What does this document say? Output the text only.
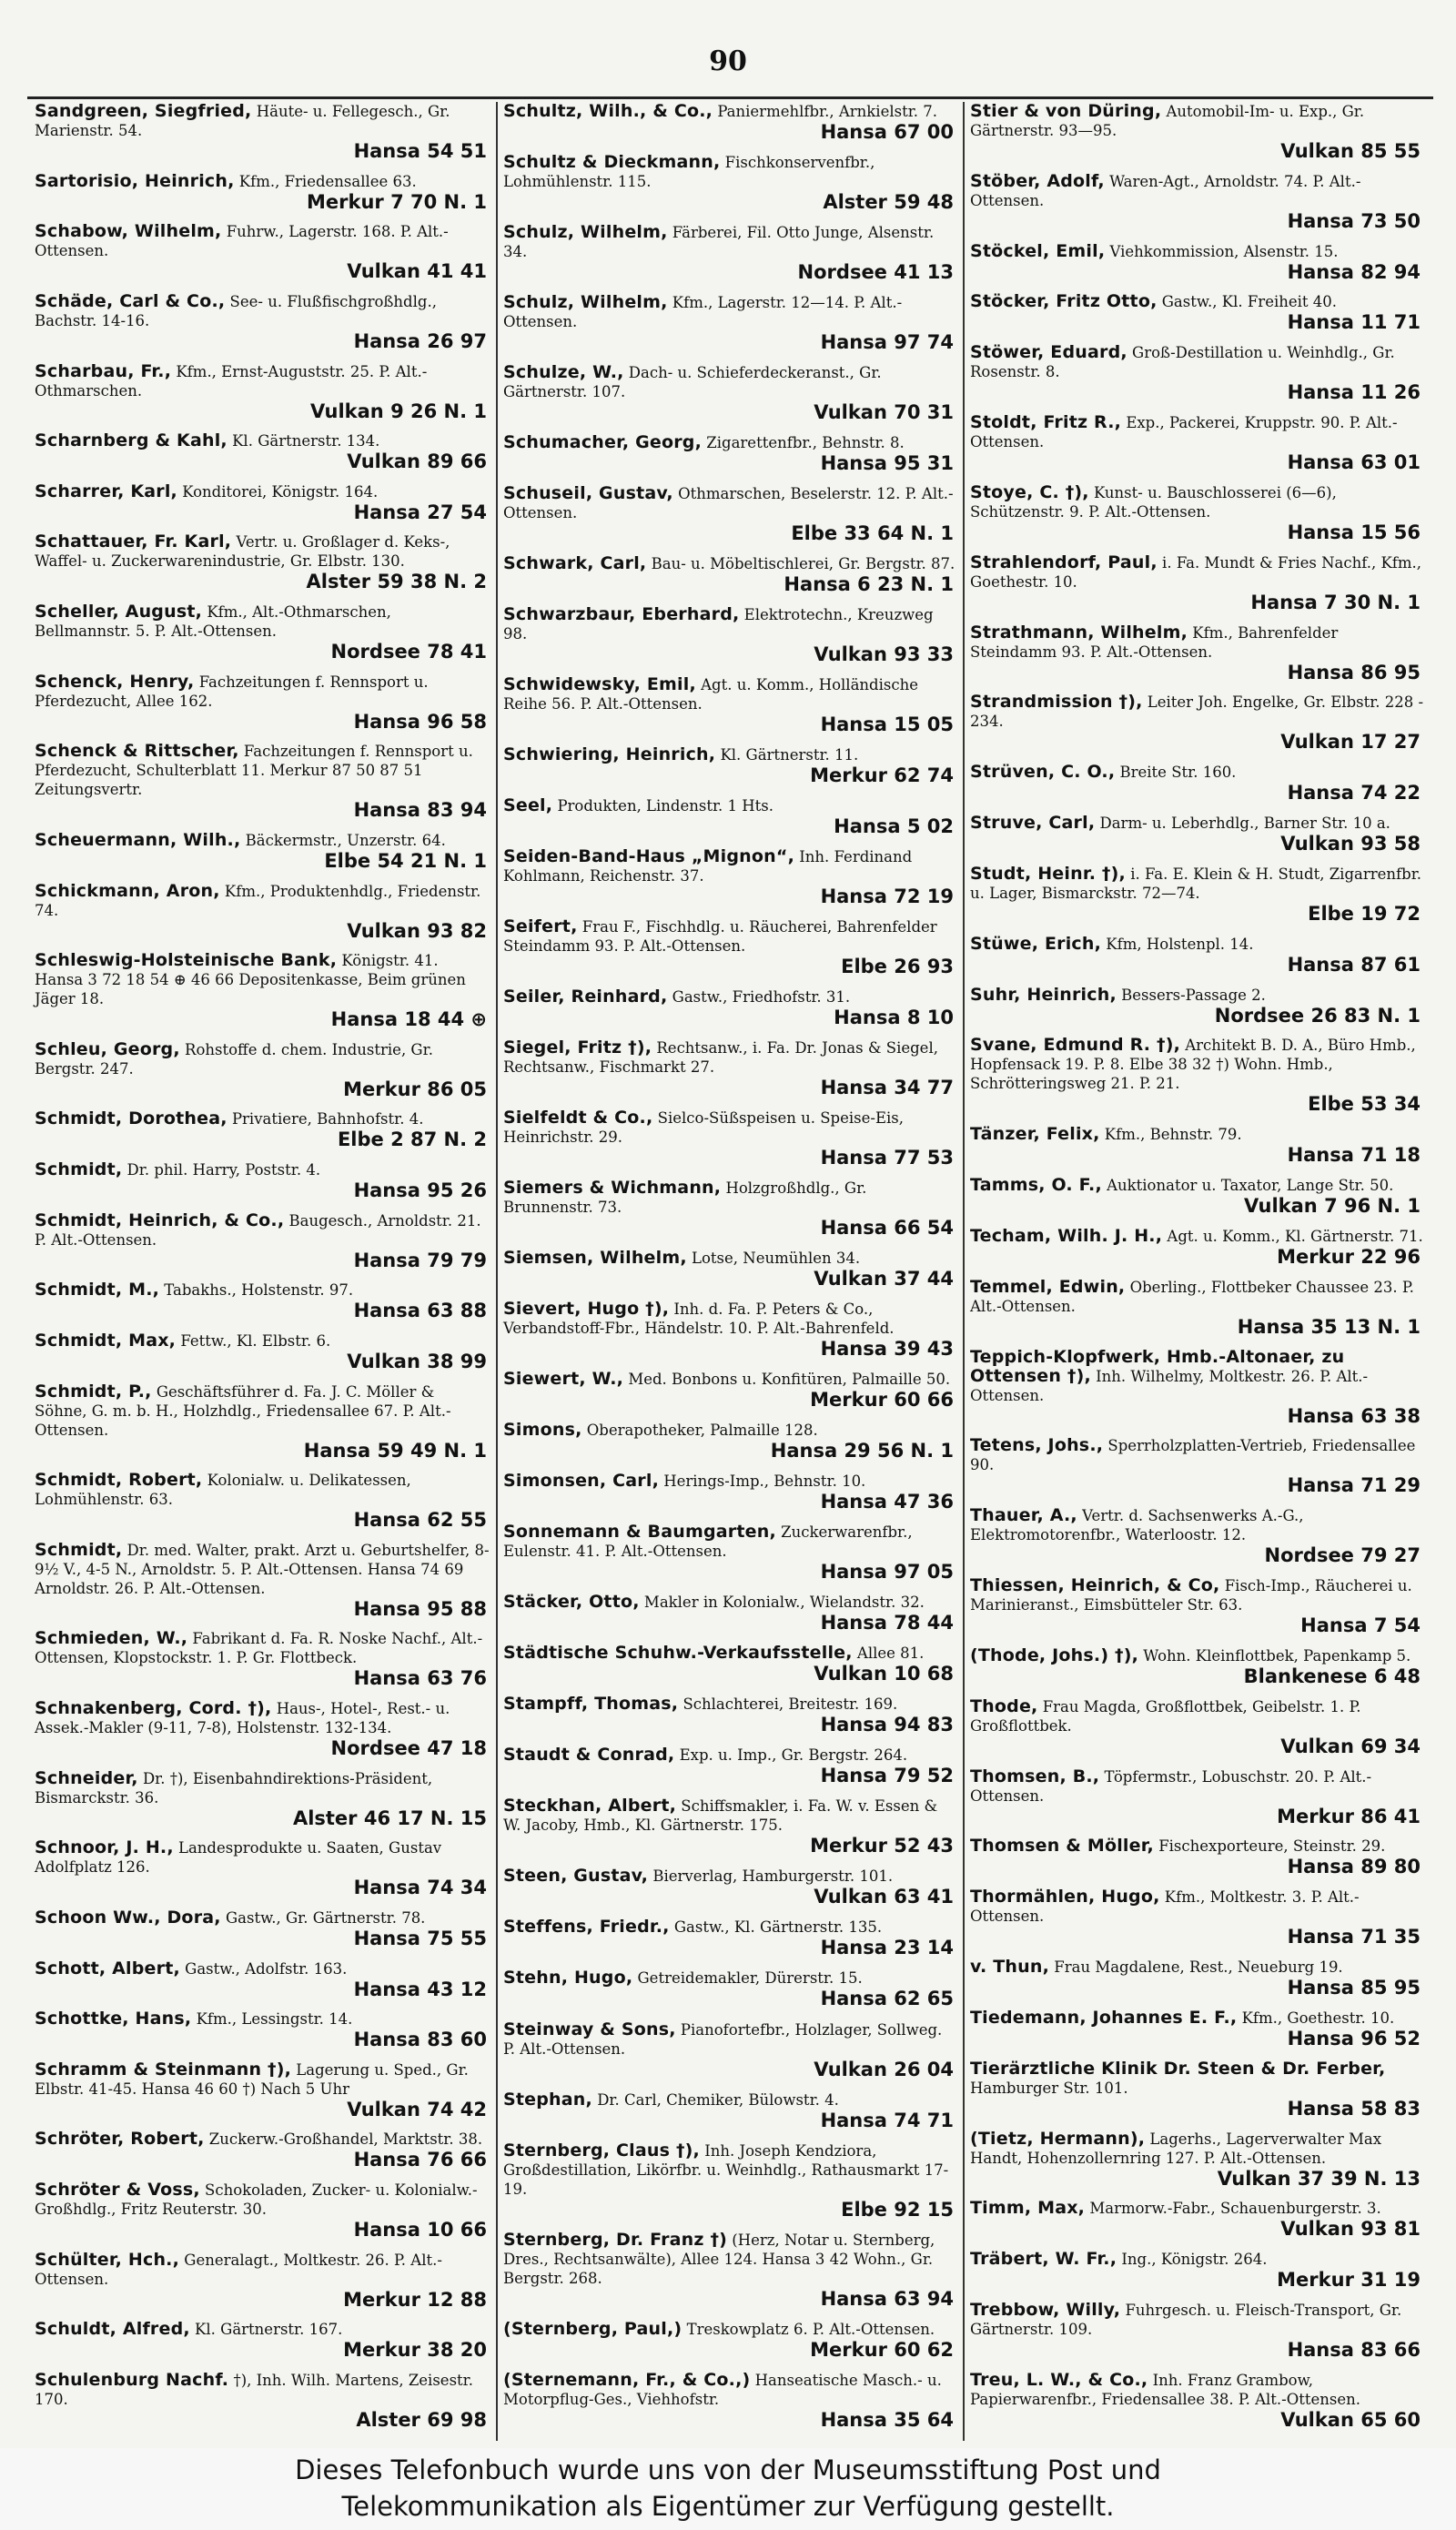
90
Sandgreen, Siegfried, Häute- u. Fellegesch., Gr. Marienstr. 54.
Hansa 54 51
Sartorisio, Heinrich, Kfm., Friedensallee 63.
Merkur 7 70 N. 1
Schabow, Wilhelm, Fuhrw., Lagerstr. 168. P. Alt.-Ottensen.
Vulkan 41 41
Schäde, Carl & Co., See- u. Flußfischgroßhdlg., Bachstr. 14-16.
Hansa 26 97
Scharbau, Fr., Kfm., Ernst-Auguststr. 25. P. Alt.-Othmarschen.
Vulkan 9 26 N. 1
Scharnberg & Kahl, Kl. Gärtnerstr. 134.
Vulkan 89 66
Scharrer, Karl, Konditorei, Königstr. 164.
Hansa 27 54
Schattauer, Fr. Karl, Vertr. u. Großlager d. Keks-, Waffel- u. Zuckerwarenindustrie, Gr. Elbstr. 130.
Alster 59 38 N. 2
Scheller, August, Kfm., Alt.-Othmarschen, Bellmannstr. 5. P. Alt.-Ottensen.
Nordsee 78 41
Schenck, Henry, Fachzeitungen f. Rennsport u. Pferdezucht, Allee 162.
Hansa 96 58
Schenck & Rittscher, Fachzeitungen f. Rennsport u. Pferdezucht, Schulterblatt 11. Merkur 87 50 87 51 Zeitungsvertr.
Hansa 83 94
Scheuermann, Wilh., Bäckermstr., Unzerstr. 64.
Elbe 54 21 N. 1
Schickmann, Aron, Kfm., Produktenhdlg., Friedenstr. 74.
Vulkan 93 82
Schleswig-Holsteinische Bank, Königstr. 41. Hansa 3 72 18 54 ⊕ 46 66 Depositenkasse, Beim grünen Jäger 18.
Hansa 18 44 ⊕
Schleu, Georg, Rohstoffe d. chem. Industrie, Gr. Bergstr. 247.
Merkur 86 05
Schmidt, Dorothea, Privatiere, Bahnhofstr. 4.
Elbe 2 87 N. 2
Schmidt, Dr. phil. Harry, Poststr. 4.
Hansa 95 26
Schmidt, Heinrich, & Co., Baugesch., Arnoldstr. 21. P. Alt.-Ottensen.
Hansa 79 79
Schmidt, M., Tabakhs., Holstenstr. 97.
Hansa 63 88
Schmidt, Max, Fettw., Kl. Elbstr. 6.
Vulkan 38 99
Schmidt, P., Geschäftsführer d. Fa. J. C. Möller & Söhne, G. m. b. H., Holzhdlg., Friedensallee 67. P. Alt.-Ottensen.
Hansa 59 49 N. 1
Schmidt, Robert, Kolonialw. u. Delikatessen, Lohmühlenstr. 63.
Hansa 62 55
Schmidt, Dr. med. Walter, prakt. Arzt u. Geburtshelfer, 8-9½ V., 4-5 N., Arnoldstr. 5. P. Alt.-Ottensen. Hansa 74 69 Arnoldstr. 26. P. Alt.-Ottensen.
Hansa 95 88
Schmieden, W., Fabrikant d. Fa. R. Noske Nachf., Alt.-Ottensen, Klopstockstr. 1. P. Gr. Flottbeck.
Hansa 63 76
Schnakenberg, Cord. †), Haus-, Hotel-, Rest.- u. Assek.-Makler (9-11, 7-8), Holstenstr. 132-134.
Nordsee 47 18
Schneider, Dr. †), Eisenbahndirektions-Präsident, Bismarckstr. 36.
Alster 46 17 N. 15
Schnoor, J. H., Landesprodukte u. Saaten, Gustav Adolfplatz 126.
Hansa 74 34
Schoon Ww., Dora, Gastw., Gr. Gärtnerstr. 78.
Hansa 75 55
Schott, Albert, Gastw., Adolfstr. 163.
Hansa 43 12
Schottke, Hans, Kfm., Lessingstr. 14.
Hansa 83 60
Schramm & Steinmann †), Lagerung u. Sped., Gr. Elbstr. 41-45. Hansa 46 60 †) Nach 5 Uhr
Vulkan 74 42
Schröter, Robert, Zuckerw.-Großhandel, Marktstr. 38.
Hansa 76 66
Schröter & Voss, Schokoladen, Zucker- u. Kolonialw.-Großhdlg., Fritz Reuterstr. 30.
Hansa 10 66
Schülter, Hch., Generalagt., Moltkestr. 26. P. Alt.-Ottensen.
Merkur 12 88
Schuldt, Alfred, Kl. Gärtnerstr. 167.
Merkur 38 20
Schulenburg Nachf. †), Inh. Wilh. Martens, Zeisestr. 170.
Alster 69 98
Schultz, Wilh., & Co., Paniermehlfbr., Arnkielstr. 7.
Hansa 67 00
Schultz & Dieckmann, Fischkonservenfbr., Lohmühlenstr. 115.
Alster 59 48
Schulz, Wilhelm, Färberei, Fil. Otto Junge, Alsenstr. 34.
Nordsee 41 13
Schulz, Wilhelm, Kfm., Lagerstr. 12—14. P. Alt.-Ottensen.
Hansa 97 74
Schulze, W., Dach- u. Schieferdeckeranst., Gr. Gärtnerstr. 107.
Vulkan 70 31
Schumacher, Georg, Zigarettenfbr., Behnstr. 8.
Hansa 95 31
Schuseil, Gustav, Othmarschen, Beselerstr. 12. P. Alt.-Ottensen.
Elbe 33 64 N. 1
Schwark, Carl, Bau- u. Möbeltischlerei, Gr. Bergstr. 87.
Hansa 6 23 N. 1
Schwarzbaur, Eberhard, Elektrotechn., Kreuzweg 98.
Vulkan 93 33
Schwidewsky, Emil, Agt. u. Komm., Holländische Reihe 56. P. Alt.-Ottensen.
Hansa 15 05
Schwiering, Heinrich, Kl. Gärtnerstr. 11.
Merkur 62 74
Seel, Produkten, Lindenstr. 1 Hts.
Hansa 5 02
Seiden-Band-Haus „Mignon“, Inh. Ferdinand Kohlmann, Reichenstr. 37.
Hansa 72 19
Seifert, Frau F., Fischhdlg. u. Räucherei, Bahrenfelder Steindamm 93. P. Alt.-Ottensen.
Elbe 26 93
Seiler, Reinhard, Gastw., Friedhofstr. 31.
Hansa 8 10
Siegel, Fritz †), Rechtsanw., i. Fa. Dr. Jonas & Siegel, Rechtsanw., Fischmarkt 27.
Hansa 34 77
Sielfeldt & Co., Sielco-Süßspeisen u. Speise-Eis, Heinrichstr. 29.
Hansa 77 53
Siemers & Wichmann, Holzgroßhdlg., Gr. Brunnenstr. 73.
Hansa 66 54
Siemsen, Wilhelm, Lotse, Neumühlen 34.
Vulkan 37 44
Sievert, Hugo †), Inh. d. Fa. P. Peters & Co., Verbandstoff-Fbr., Händelstr. 10. P. Alt.-Bahrenfeld.
Hansa 39 43
Siewert, W., Med. Bonbons u. Konfitüren, Palmaille 50.
Merkur 60 66
Simons, Oberapotheker, Palmaille 128.
Hansa 29 56 N. 1
Simonsen, Carl, Herings-Imp., Behnstr. 10.
Hansa 47 36
Sonnemann & Baumgarten, Zuckerwarenfbr., Eulenstr. 41. P. Alt.-Ottensen.
Hansa 97 05
Stäcker, Otto, Makler in Kolonialw., Wielandstr. 32.
Hansa 78 44
Städtische Schuhw.-Verkaufsstelle, Allee 81.
Vulkan 10 68
Stampff, Thomas, Schlachterei, Breitestr. 169.
Hansa 94 83
Staudt & Conrad, Exp. u. Imp., Gr. Bergstr. 264.
Hansa 79 52
Steckhan, Albert, Schiffsmakler, i. Fa. W. v. Essen & W. Jacoby, Hmb., Kl. Gärtnerstr. 175.
Merkur 52 43
Steen, Gustav, Bierverlag, Hamburgerstr. 101.
Vulkan 63 41
Steffens, Friedr., Gastw., Kl. Gärtnerstr. 135.
Hansa 23 14
Stehn, Hugo, Getreidemakler, Dürerstr. 15.
Hansa 62 65
Steinway & Sons, Pianofortefbr., Holzlager, Sollweg. P. Alt.-Ottensen.
Vulkan 26 04
Stephan, Dr. Carl, Chemiker, Bülowstr. 4.
Hansa 74 71
Sternberg, Claus †), Inh. Joseph Kendziora, Großdestillation, Likörfbr. u. Weinhdlg., Rathausmarkt 17-19.
Elbe 92 15
Sternberg, Dr. Franz †) (Herz, Notar u. Sternberg, Dres., Rechtsanwälte), Allee 124. Hansa 3 42 Wohn., Gr. Bergstr. 268.
Hansa 63 94
(Sternberg, Paul,) Treskowplatz 6. P. Alt.-Ottensen.
Merkur 60 62
(Sternemann, Fr., & Co.,) Hanseatische Masch.- u. Motorpflug-Ges., Viehhofstr.
Hansa 35 64
Stier & von Düring, Automobil-Im- u. Exp., Gr. Gärtnerstr. 93—95.
Vulkan 85 55
Stöber, Adolf, Waren-Agt., Arnoldstr. 74. P. Alt.-Ottensen.
Hansa 73 50
Stöckel, Emil, Viehkommission, Alsenstr. 15.
Hansa 82 94
Stöcker, Fritz Otto, Gastw., Kl. Freiheit 40.
Hansa 11 71
Stöwer, Eduard, Groß-Destillation u. Weinhdlg., Gr. Rosenstr. 8.
Hansa 11 26
Stoldt, Fritz R., Exp., Packerei, Kruppstr. 90. P. Alt.-Ottensen.
Hansa 63 01
Stoye, C. †), Kunst- u. Bauschlosserei (6—6), Schützenstr. 9. P. Alt.-Ottensen.
Hansa 15 56
Strahlendorf, Paul, i. Fa. Mundt & Fries Nachf., Kfm., Goethestr. 10.
Hansa 7 30 N. 1
Strathmann, Wilhelm, Kfm., Bahrenfelder Steindamm 93. P. Alt.-Ottensen.
Hansa 86 95
Strandmission †), Leiter Joh. Engelke, Gr. Elbstr. 228 - 234.
Vulkan 17 27
Strüven, C. O., Breite Str. 160.
Hansa 74 22
Struve, Carl, Darm- u. Leberhdlg., Barner Str. 10 a.
Vulkan 93 58
Studt, Heinr. †), i. Fa. E. Klein & H. Studt, Zigarrenfbr. u. Lager, Bismarckstr. 72—74.
Elbe 19 72
Stüwe, Erich, Kfm, Holstenpl. 14.
Hansa 87 61
Suhr, Heinrich, Bessers-Passage 2.
Nordsee 26 83 N. 1
Svane, Edmund R. †), Architekt B. D. A., Büro Hmb., Hopfensack 19. P. 8. Elbe 38 32 †) Wohn. Hmb., Schrötteringsweg 21. P. 21.
Elbe 53 34
Tänzer, Felix, Kfm., Behnstr. 79.
Hansa 71 18
Tamms, O. F., Auktionator u. Taxator, Lange Str. 50.
Vulkan 7 96 N. 1
Techam, Wilh. J. H., Agt. u. Komm., Kl. Gärtnerstr. 71.
Merkur 22 96
Temmel, Edwin, Oberling., Flottbeker Chaussee 23. P. Alt.-Ottensen.
Hansa 35 13 N. 1
Teppich-Klopfwerk, Hmb.-Altonaer, zu Ottensen †), Inh. Wilhelmy, Moltkestr. 26. P. Alt.-Ottensen.
Hansa 63 38
Tetens, Johs., Sperrholzplatten-Vertrieb, Friedensallee 90.
Hansa 71 29
Thauer, A., Vertr. d. Sachsenwerks A.-G., Elektromotorenfbr., Waterloostr. 12.
Nordsee 79 27
Thiessen, Heinrich, & Co, Fisch-Imp., Räucherei u. Marinieranst., Eimsbütteler Str. 63.
Hansa 7 54
(Thode, Johs.) †), Wohn. Kleinflottbek, Papenkamp 5.
Blankenese 6 48
Thode, Frau Magda, Großflottbek, Geibelstr. 1. P. Großflottbek.
Vulkan 69 34
Thomsen, B., Töpfermstr., Lobuschstr. 20. P. Alt.-Ottensen.
Merkur 86 41
Thomsen & Möller, Fischexporteure, Steinstr. 29.
Hansa 89 80
Thormählen, Hugo, Kfm., Moltkestr. 3. P. Alt.-Ottensen.
Hansa 71 35
v. Thun, Frau Magdalene, Rest., Neueburg 19.
Hansa 85 95
Tiedemann, Johannes E. F., Kfm., Goethestr. 10.
Hansa 96 52
Tierärztliche Klinik Dr. Steen & Dr. Ferber, Hamburger Str. 101.
Hansa 58 83
(Tietz, Hermann), Lagerhs., Lagerverwalter Max Handt, Hohenzollernring 127. P. Alt.-Ottensen.
Vulkan 37 39 N. 13
Timm, Max, Marmorw.-Fabr., Schauenburgerstr. 3.
Vulkan 93 81
Träbert, W. Fr., Ing., Königstr. 264.
Merkur 31 19
Trebbow, Willy, Fuhrgesch. u. Fleisch-Transport, Gr. Gärtnerstr. 109.
Hansa 83 66
Treu, L. W., & Co., Inh. Franz Grambow, Papierwarenfbr., Friedensallee 38. P. Alt.-Ottensen.
Vulkan 65 60
Dieses Telefonbuch wurde uns von der Museumsstiftung Post und
Telekommunikation als Eigentümer zur Verfügung gestellt.
